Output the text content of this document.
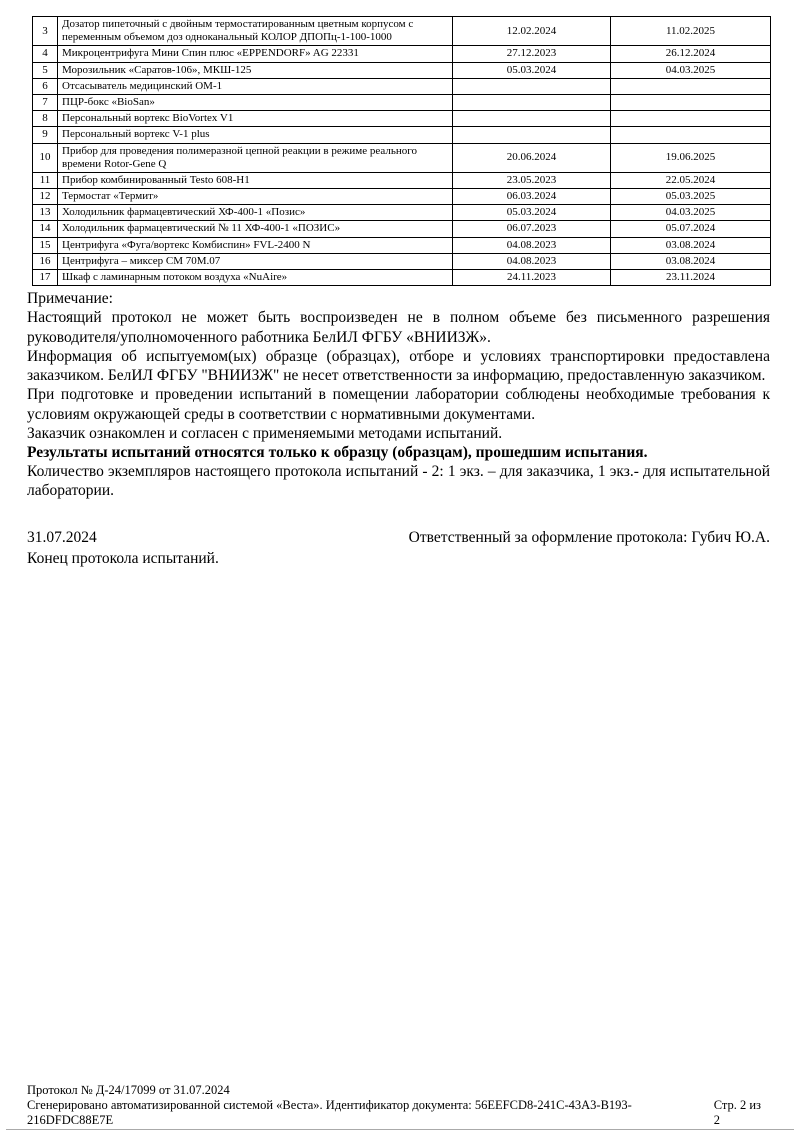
3	Дозатор пипеточный с двойным термостатированным цветным корпусом с переменным объемом доз одноканальный КОЛОР ДПОПц-1-100-1000	12.02.2024	11.02.2025
4	Микроцентрифуга Мини Спин плюс «EPPENDORF» AG 22331	27.12.2023	26.12.2024
5	Морозильник «Саратов-106», МКШ-125	05.03.2024	04.03.2025
6	Отсасыватель медицинский ОМ-1		
7	ПЦР-бокс «BioSan»		
8	Персональный вортекс BioVortex V1		
9	Персональный вортекс V-1 plus		
10	Прибор для проведения полимеразной цепной реакции в режиме реального времени Rotor-Gene Q	20.06.2024	19.06.2025
11	Прибор комбинированный Testo 608-H1	23.05.2023	22.05.2024
12	Термостат «Термит»	06.03.2024	05.03.2025
13	Холодильник фармацевтический ХФ-400-1 «Позис»	05.03.2024	04.03.2025
14	Холодильник фармацевтический № 11 ХФ-400-1 «ПОЗИС»	06.07.2023	05.07.2024
15	Центрифуга «Фуга/вортекс Комбиспин» FVL-2400 N	04.08.2023	03.08.2024
16	Центрифуга – миксер СМ 70М.07	04.08.2023	03.08.2024
17	Шкаф с ламинарным потоком воздуха «NuAire»	24.11.2023	23.11.2024
Примечание:

Настоящий протокол не может быть воспроизведен не в полном объеме без письменного разрешения руководителя/уполномоченного работника БелИЛ ФГБУ «ВНИИЗЖ».

Информация об испытуемом(ых) образце (образцах), отборе и условиях транспортировки предоставлена заказчиком. БелИЛ ФГБУ "ВНИИЗЖ" не несет ответственности за информацию, предоставленную заказчиком.

При подготовке и проведении испытаний в помещении лаборатории соблюдены необходимые требования к условиям окружающей среды в соответствии с нормативными документами.

Заказчик ознакомлен и согласен с применяемыми методами испытаний.

Результаты испытаний относятся только к образцу (образцам), прошедшим испытания.

Количество экземпляров настоящего протокола испытаний - 2: 1 экз. – для заказчика, 1 экз.- для испытательной лаборатории.

31.07.2024	Ответственный за оформление протокола: Губич Ю.А.
Конец протокола испытаний.
Протокол № Д-24/17099 от 31.07.2024
Сгенерировано автоматизированной системой «Веста». Идентификатор документа: 56EEFCD8-241C-43A3-B193-216DFDC88E7E
Стр. 2 из 2
